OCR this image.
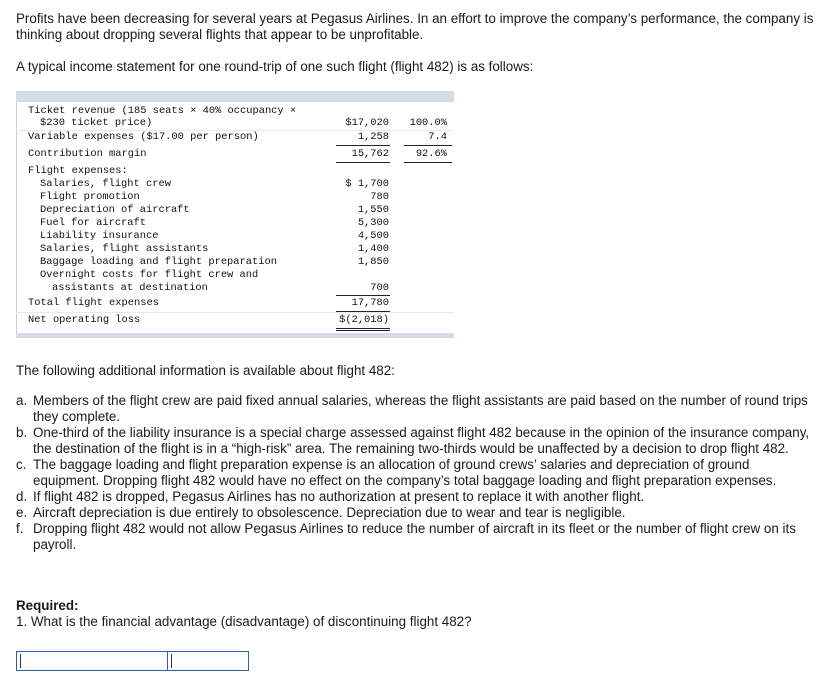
Profits have been decreasing for several years at Pegasus Airlines. In an effort to improve the company’s performance, the company is thinking about dropping several flights that appear to be unprofitable.
A typical income statement for one round-trip of one such flight (flight 482) is as follows:
Ticket revenue (185 seats × 40% occupancy ×
$230 ticket price)	$17,020	100.0%
Variable expenses ($17.00 per person)	1,258	7.4
Contribution margin	15,762	92.6%
Flight expenses:
Salaries, flight crew	$ 1,700
Flight promotion	780
Depreciation of aircraft	1,550
Fuel for aircraft	5,300
Liability insurance	4,500
Salaries, flight assistants	1,400
Baggage loading and flight preparation	1,850
Overnight costs for flight crew and
assistants at destination	700
Total flight expenses	17,780
Net operating loss	$(2,018)
The following additional information is available about flight 482:
a. Members of the flight crew are paid fixed annual salaries, whereas the flight assistants are paid based on the number of round trips they complete.
b. One-third of the liability insurance is a special charge assessed against flight 482 because in the opinion of the insurance company, the destination of the flight is in a “high-risk” area. The remaining two-thirds would be unaffected by a decision to drop flight 482.
c. The baggage loading and flight preparation expense is an allocation of ground crews’ salaries and depreciation of ground equipment. Dropping flight 482 would have no effect on the company’s total baggage loading and flight preparation expenses.
d. If flight 482 is dropped, Pegasus Airlines has no authorization at present to replace it with another flight.
e. Aircraft depreciation is due entirely to obsolescence. Depreciation due to wear and tear is negligible.
f. Dropping flight 482 would not allow Pegasus Airlines to reduce the number of aircraft in its fleet or the number of flight crew on its payroll.
Required:
1. What is the financial advantage (disadvantage) of discontinuing flight 482?
